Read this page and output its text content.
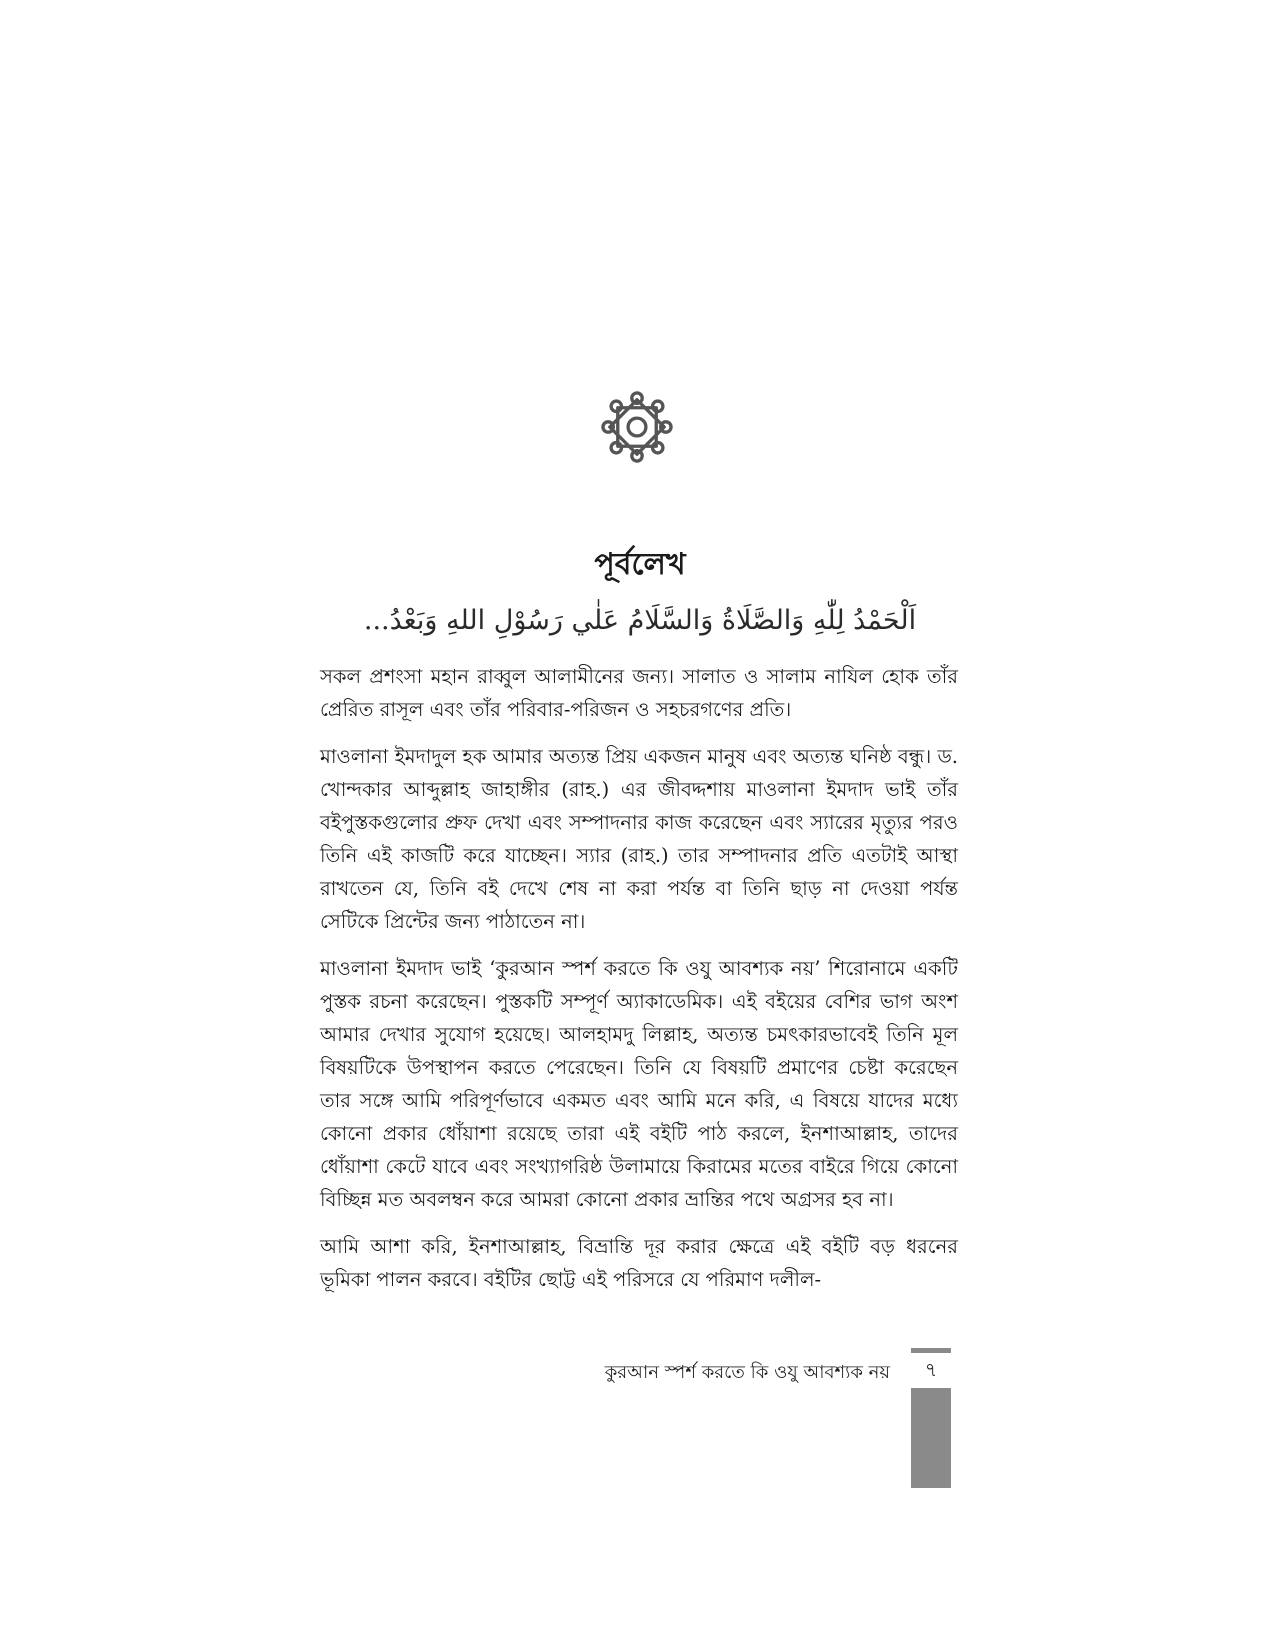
পূর্বলেখ

اَلْحَمْدُ لِلّٰهِ وَالصَّلَاةُ وَالسَّلَامُ عَلٰي رَسُوْلِ اللهِ وَبَعْدُ...

সকল প্রশংসা মহান রাব্বুল আলামীনের জন্য। সালাত ও সালাম নাযিল হোক তাঁর প্রেরিত রাসূল এবং তাঁর পরিবার-পরিজন ও সহচরগণের প্রতি।

মাওলানা ইমদাদুল হক আমার অত্যন্ত প্রিয় একজন মানুষ এবং অত্যন্ত ঘনিষ্ঠ বন্ধু। ড. খোন্দকার আব্দুল্লাহ জাহাঙ্গীর (রাহ.) এর জীবদ্দশায় মাওলানা ইমদাদ ভাই তাঁর বইপুস্তকগুলোর প্রুফ দেখা এবং সম্পাদনার কাজ করেছেন এবং স্যারের মৃত্যুর পরও তিনি এই কাজটি করে যাচ্ছেন। স্যার (রাহ.) তার সম্পাদনার প্রতি এতটাই আস্থা রাখতেন যে, তিনি বই দেখে শেষ না করা পর্যন্ত বা তিনি ছাড় না দেওয়া পর্যন্ত সেটিকে প্রিন্টের জন্য পাঠাতেন না।

মাওলানা ইমদাদ ভাই ‘কুরআন স্পর্শ করতে কি ওযু আবশ্যক নয়’ শিরোনামে একটি পুস্তক রচনা করেছেন। পুস্তকটি সম্পূর্ণ অ্যাকাডেমিক। এই বইয়ের বেশির ভাগ অংশ আমার দেখার সুযোগ হয়েছে। আলহামদু লিল্লাহ, অত্যন্ত চমৎকারভাবেই তিনি মূল বিষয়টিকে উপস্থাপন করতে পেরেছেন। তিনি যে বিষয়টি প্রমাণের চেষ্টা করেছেন তার সঙ্গে আমি পরিপূর্ণভাবে একমত এবং আমি মনে করি, এ বিষয়ে যাদের মধ্যে কোনো প্রকার ধোঁয়াশা রয়েছে তারা এই বইটি পাঠ করলে, ইনশাআল্লাহ, তাদের ধোঁয়াশা কেটে যাবে এবং সংখ্যাগরিষ্ঠ উলামায়ে কিরামের মতের বাইরে গিয়ে কোনো বিচ্ছিন্ন মত অবলম্বন করে আমরা কোনো প্রকার ভ্রান্তির পথে অগ্রসর হব না।

আমি আশা করি, ইনশাআল্লাহ, বিভ্রান্তি দূর করার ক্ষেত্রে এই বইটি বড় ধরনের ভূমিকা পালন করবে। বইটির ছোট্ট এই পরিসরে যে পরিমাণ দলীল-

কুরআন স্পর্শ করতে কি ওযু আবশ্যক নয়	৭
